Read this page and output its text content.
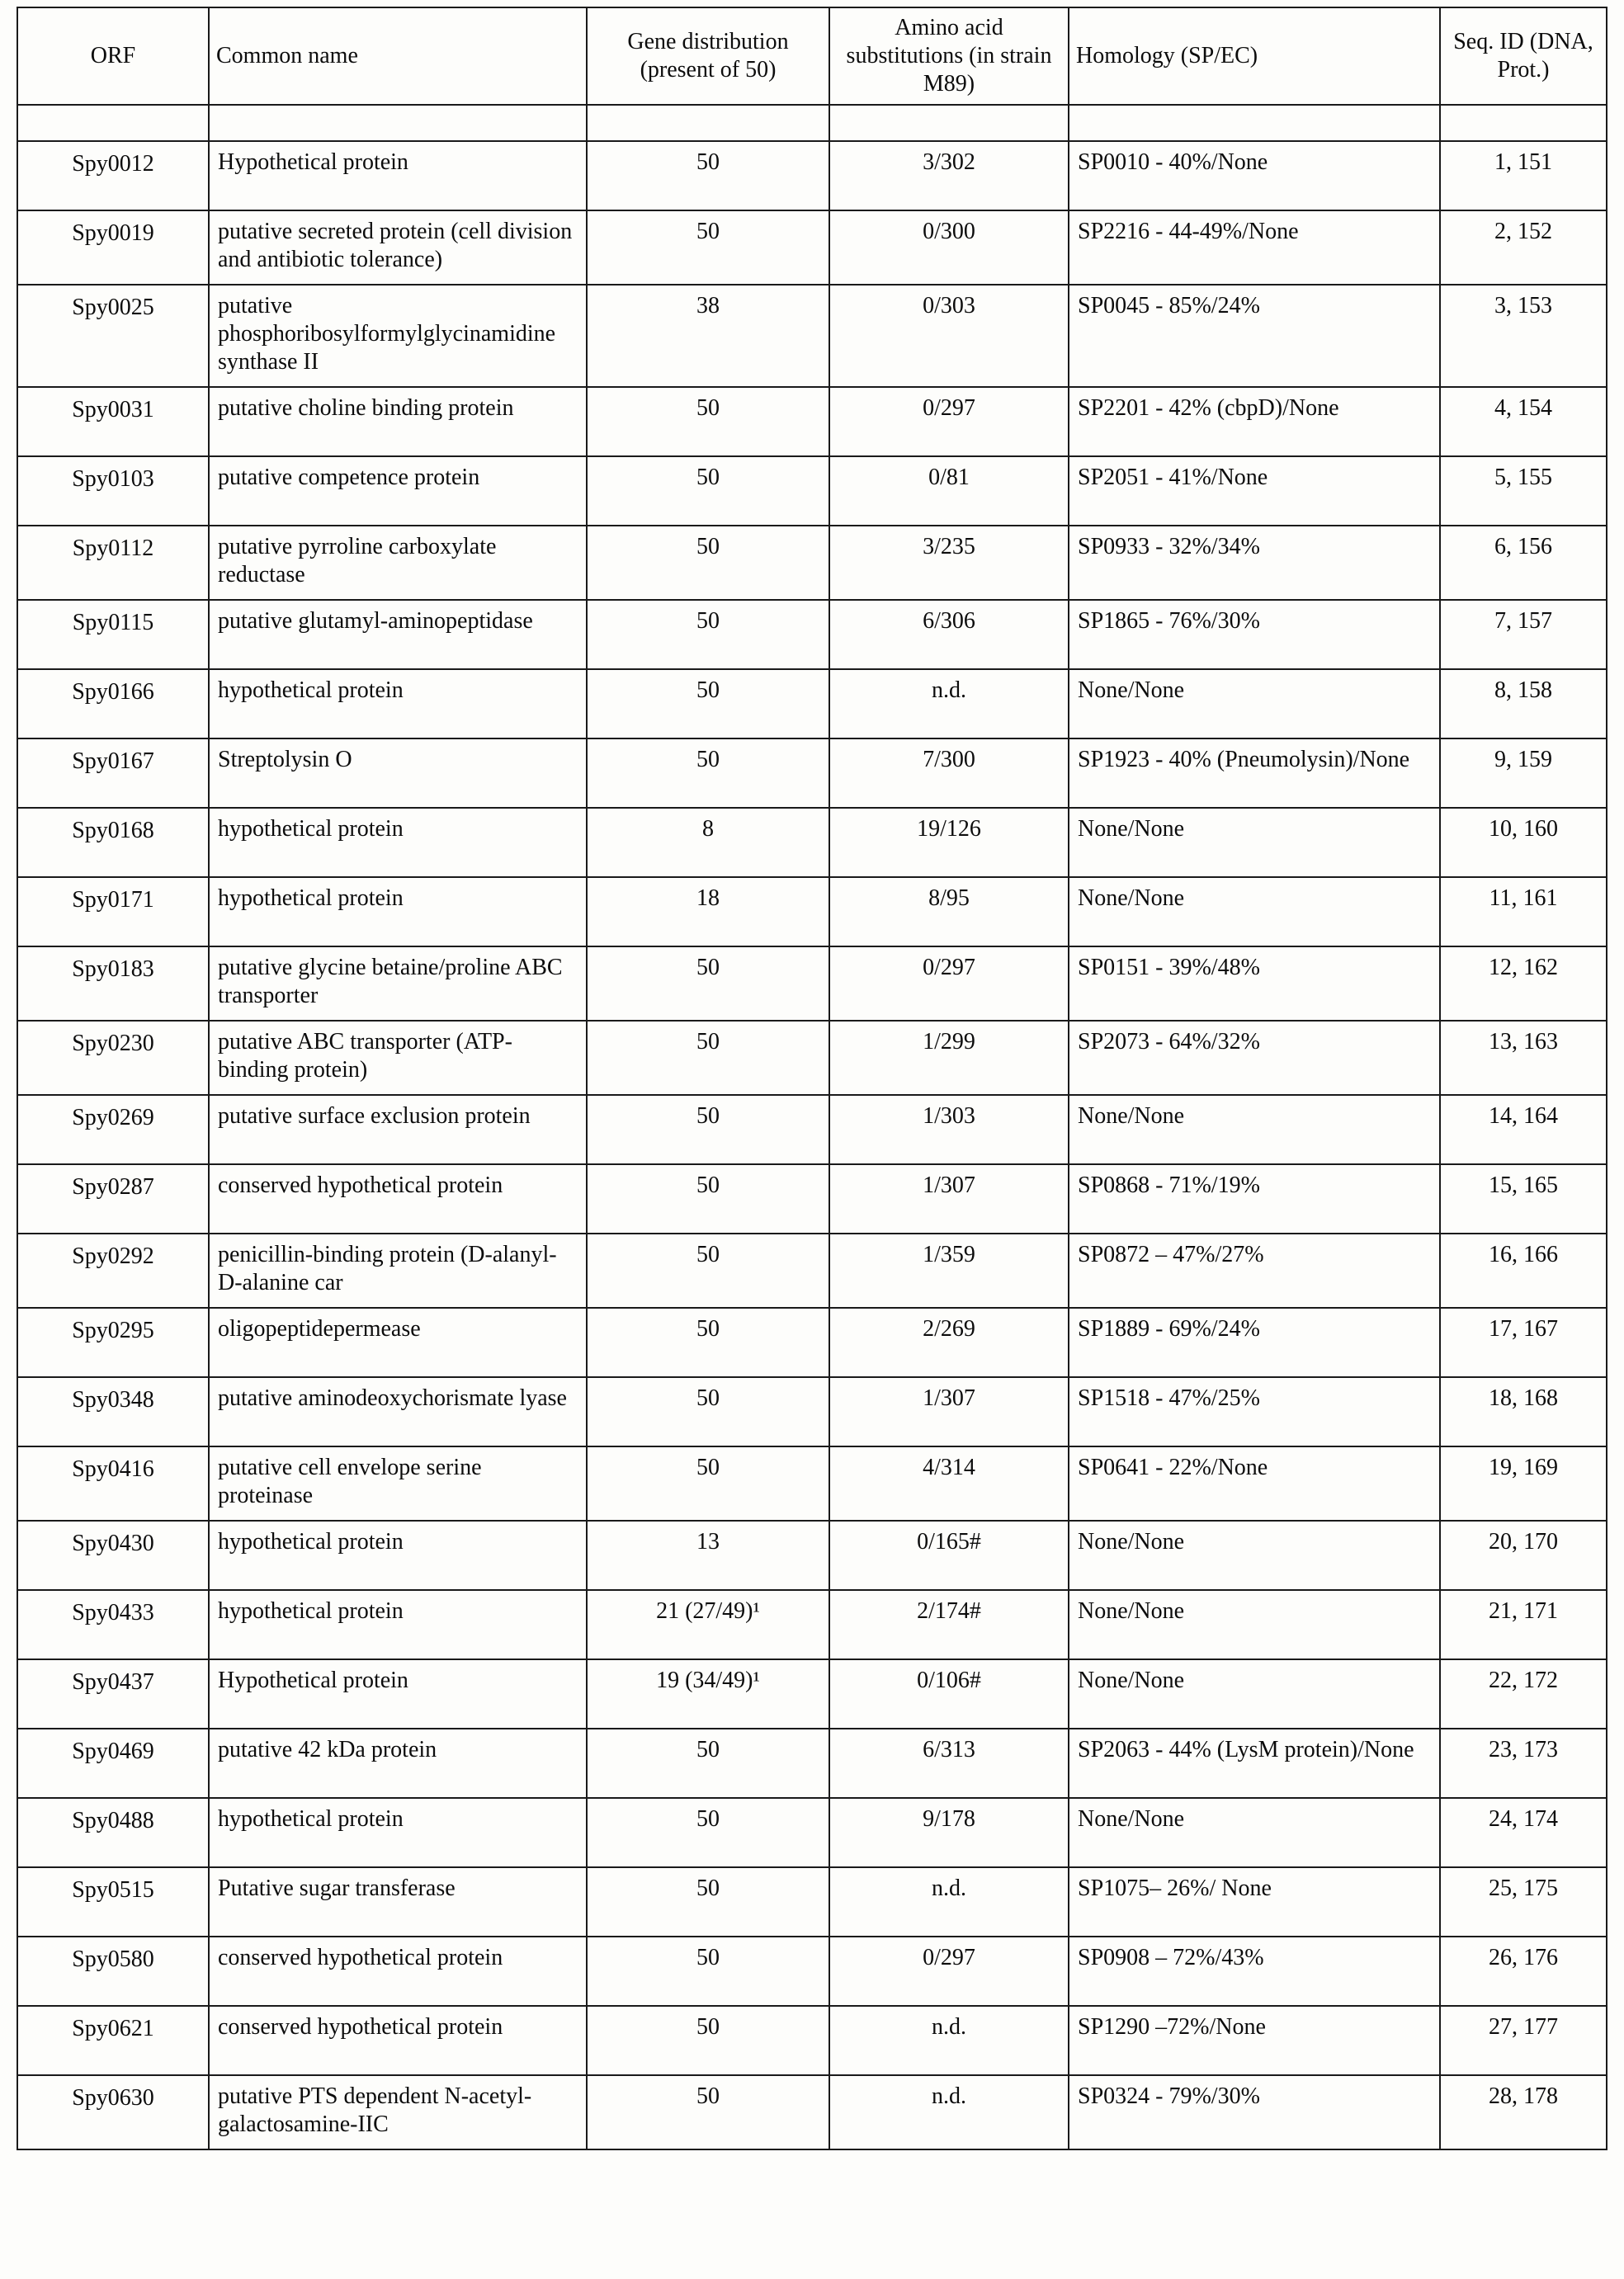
ORF	Common name	Gene distribution (present of 50)	Amino acid substitutions (in strain M89)	Homology (SP/EC)	Seq. ID (DNA, Prot.)

Spy0012	Hypothetical protein	50	3/302	SP0010 - 40%/None	1, 151
Spy0019	putative secreted protein (cell division and antibiotic tolerance)	50	0/300	SP2216 - 44-49%/None	2, 152
Spy0025	putative phosphoribosylformylglycinamidine synthase II	38	0/303	SP0045 - 85%/24%	3, 153
Spy0031	putative choline binding protein	50	0/297	SP2201 - 42% (cbpD)/None	4, 154
Spy0103	putative competence protein	50	0/81	SP2051 - 41%/None	5, 155
Spy0112	putative pyrroline carboxylate reductase	50	3/235	SP0933 - 32%/34%	6, 156
Spy0115	putative glutamyl-aminopeptidase	50	6/306	SP1865 - 76%/30%	7, 157
Spy0166	hypothetical protein	50	n.d.	None/None	8, 158
Spy0167	Streptolysin O	50	7/300	SP1923 - 40% (Pneumolysin)/None	9, 159
Spy0168	hypothetical protein	8	19/126	None/None	10, 160
Spy0171	hypothetical protein	18	8/95	None/None	11, 161
Spy0183	putative glycine betaine/proline ABC transporter	50	0/297	SP0151 - 39%/48%	12, 162
Spy0230	putative ABC transporter (ATP-binding protein)	50	1/299	SP2073 - 64%/32%	13, 163
Spy0269	putative surface exclusion protein	50	1/303	None/None	14, 164
Spy0287	conserved hypothetical protein	50	1/307	SP0868 - 71%/19%	15, 165
Spy0292	penicillin-binding protein (D-alanyl-D-alanine car	50	1/359	SP0872 – 47%/27%	16, 166
Spy0295	oligopeptidepermease	50	2/269	SP1889 - 69%/24%	17, 167
Spy0348	putative aminodeoxychorismate lyase	50	1/307	SP1518 - 47%/25%	18, 168
Spy0416	putative cell envelope serine proteinase	50	4/314	SP0641 - 22%/None	19, 169
Spy0430	hypothetical protein	13	0/165#	None/None	20, 170
Spy0433	hypothetical protein	21 (27/49)¹	2/174#	None/None	21, 171
Spy0437	Hypothetical protein	19 (34/49)¹	0/106#	None/None	22, 172
Spy0469	putative 42 kDa protein	50	6/313	SP2063 - 44% (LysM protein)/None	23, 173
Spy0488	hypothetical protein	50	9/178	None/None	24, 174
Spy0515	Putative sugar transferase	50	n.d.	SP1075– 26%/ None	25, 175
Spy0580	conserved hypothetical protein	50	0/297	SP0908 – 72%/43%	26, 176
Spy0621	conserved hypothetical protein	50	n.d.	SP1290 –72%/None	27, 177
Spy0630	putative PTS dependent N-acetyl-galactosamine-IIC	50	n.d.	SP0324 - 79%/30%	28, 178
